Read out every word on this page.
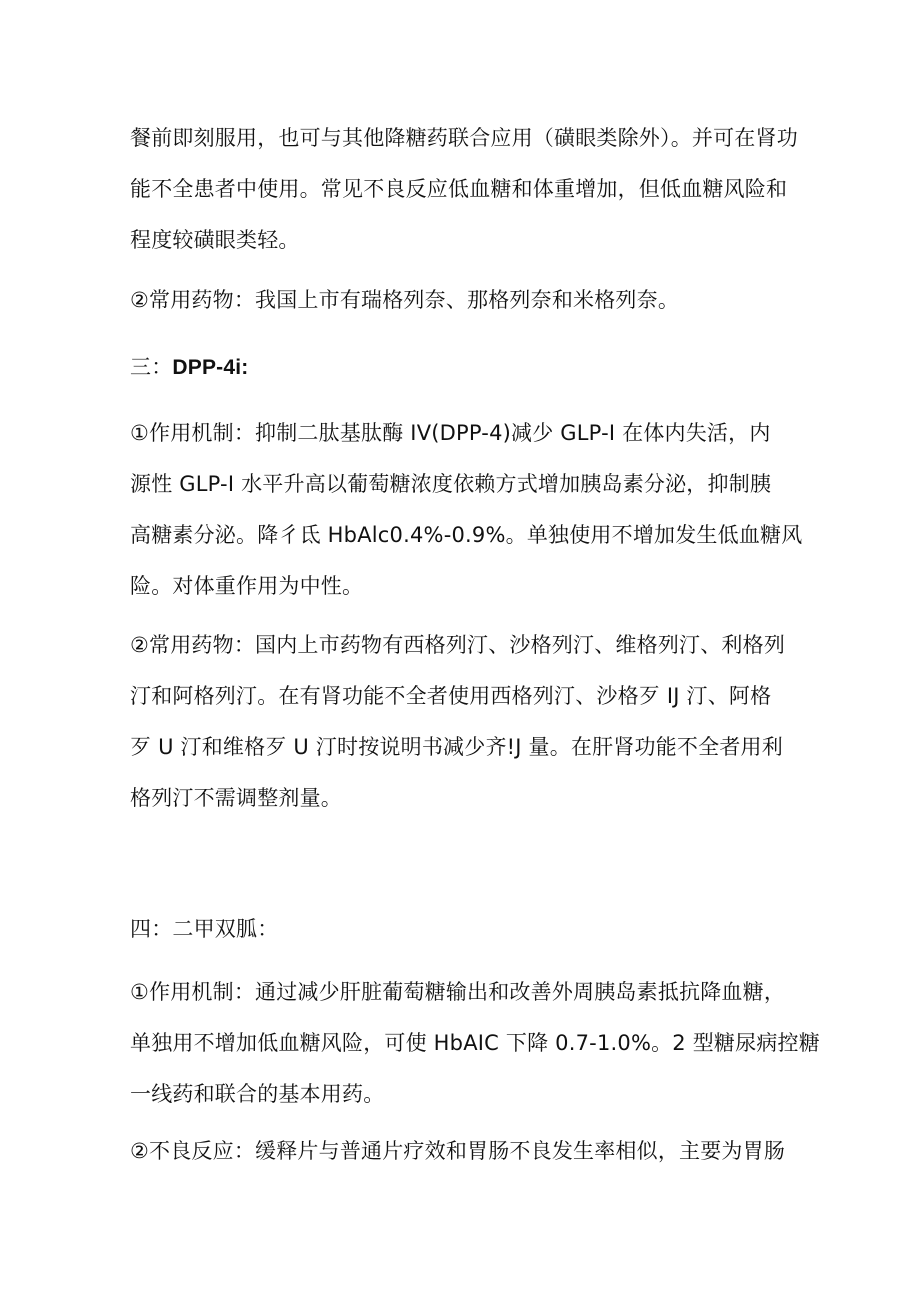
餐前即刻服用，也可与其他降糖药联合应用（磺眼类除外）。并可在肾功
能不全患者中使用。常见不良反应低血糖和体重增加，但低血糖风险和
程度较磺眼类轻。

②常用药物：我国上市有瑞格列奈、那格列奈和米格列奈。

三：DPP-4i:

①作用机制：抑制二肽基肽酶 IV(DPP-4)减少 GLP-I 在体内失活，内
源性 GLP-I 水平升高以葡萄糖浓度依赖方式增加胰岛素分泌，抑制胰
高糖素分泌。降彳氐 HbAlc0.4%-0.9%。单独使用不增加发生低血糖风
险。对体重作用为中性。

②常用药物：国内上市药物有西格列汀、沙格列汀、维格列汀、利格列
汀和阿格列汀。在有肾功能不全者使用西格列汀、沙格歹 IJ 汀、阿格
歹 U 汀和维格歹 U 汀时按说明书减少齐!J 量。在肝肾功能不全者用利
格列汀不需调整剂量。

四：二甲双胍：

①作用机制：通过减少肝脏葡萄糖输出和改善外周胰岛素抵抗降血糖，
单独用不增加低血糖风险，可使 HbAIC 下降 0.7-1.0%。2 型糖尿病控糖
一线药和联合的基本用药。

②不良反应：缓释片与普通片疗效和胃肠不良发生率相似，主要为胃肠
